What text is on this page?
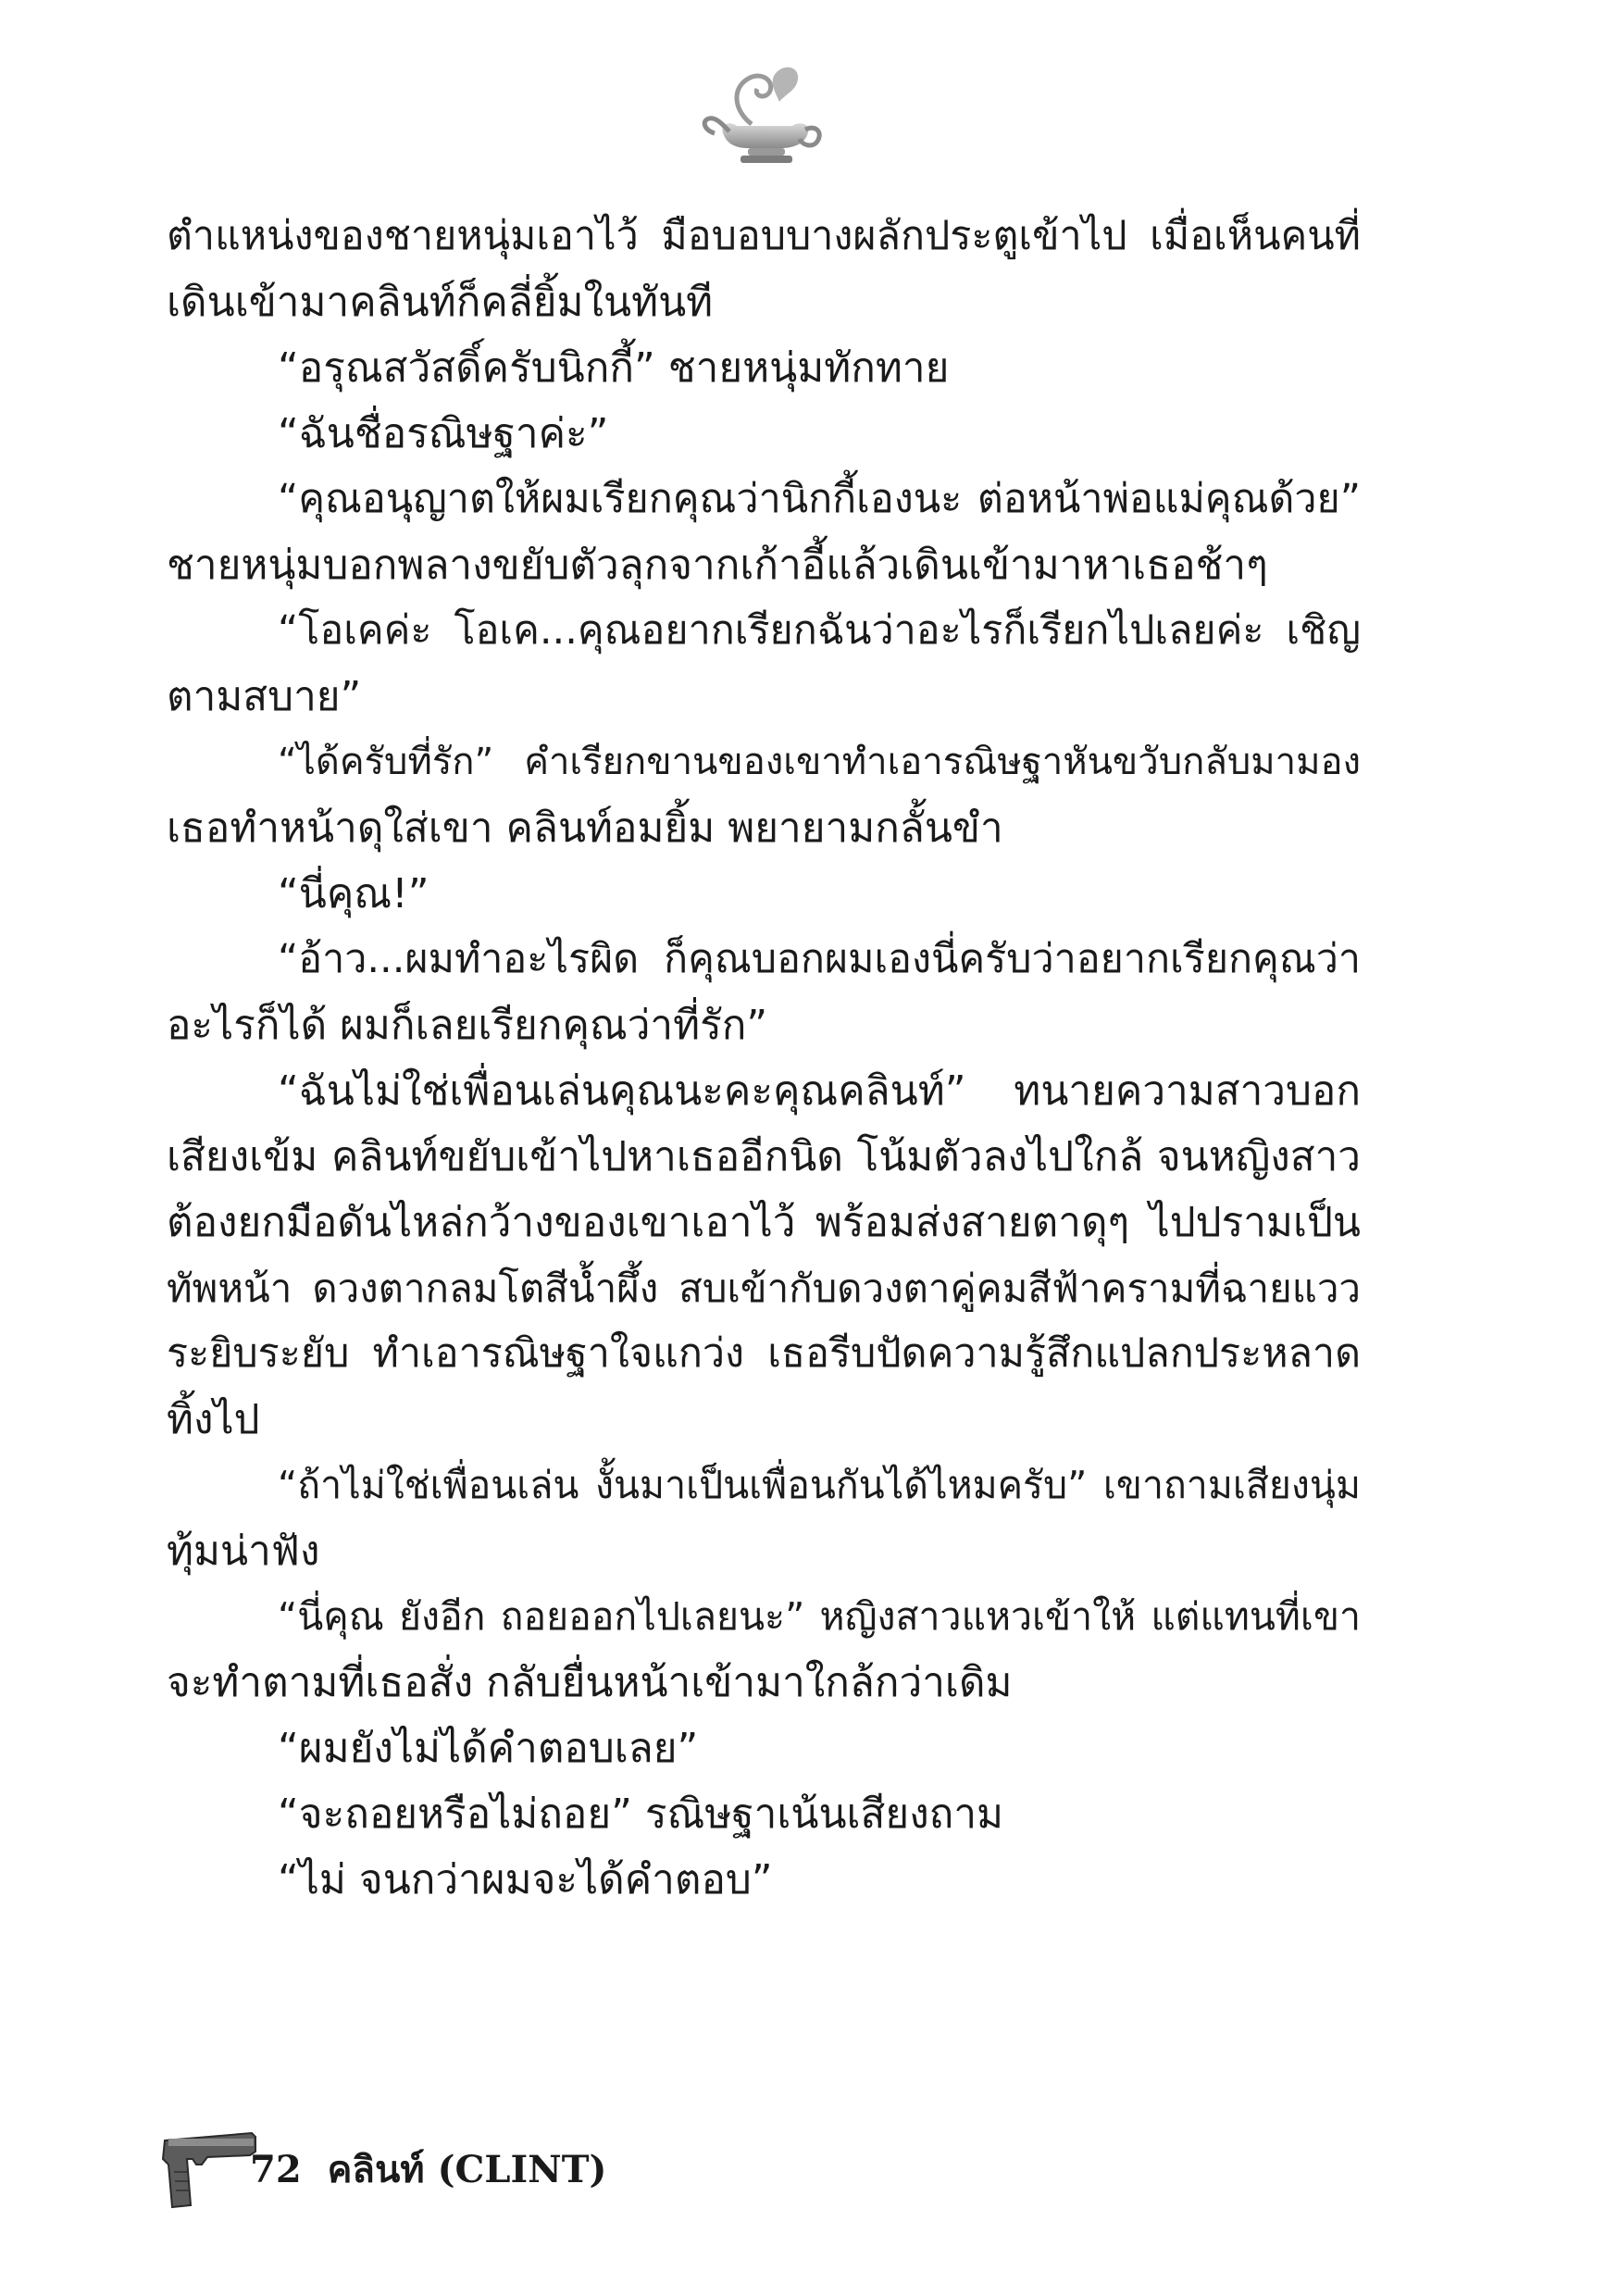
ตำแหน่งของชายหนุ่มเอาไว้ มือบอบบางผลักประตูเข้าไป เมื่อเห็นคนที่
เดินเข้ามาคลินท์ก็คลี่ยิ้มในทันที
“อรุณสวัสดิ์ครับนิกกี้” ชายหนุ่มทักทาย
“ฉันชื่อรณิษฐาค่ะ”
“คุณอนุญาตให้ผมเรียกคุณว่านิกกี้เองนะ ต่อหน้าพ่อแม่คุณด้วย”
ชายหนุ่มบอกพลางขยับตัวลุกจากเก้าอี้แล้วเดินเข้ามาหาเธอช้าๆ
“โอเคค่ะ โอเค...คุณอยากเรียกฉันว่าอะไรก็เรียกไปเลยค่ะ เชิญ
ตามสบาย”
“ได้ครับที่รัก” คำเรียกขานของเขาทำเอารณิษฐาหันขวับกลับมามอง
เธอทำหน้าดุใส่เขา คลินท์อมยิ้ม พยายามกลั้นขำ
“นี่คุณ!”
“อ้าว...ผมทำอะไรผิด ก็คุณบอกผมเองนี่ครับว่าอยากเรียกคุณว่า
อะไรก็ได้ ผมก็เลยเรียกคุณว่าที่รัก”
“ฉันไม่ใช่เพื่อนเล่นคุณนะคะคุณคลินท์” ทนายความสาวบอก
เสียงเข้ม คลินท์ขยับเข้าไปหาเธออีกนิด โน้มตัวลงไปใกล้ จนหญิงสาว
ต้องยกมือดันไหล่กว้างของเขาเอาไว้ พร้อมส่งสายตาดุๆ ไปปรามเป็น
ทัพหน้า ดวงตากลมโตสีน้ำผึ้ง สบเข้ากับดวงตาคู่คมสีฟ้าครามที่ฉายแวว
ระยิบระยับ ทำเอารณิษฐาใจแกว่ง เธอรีบปัดความรู้สึกแปลกประหลาด
ทิ้งไป
“ถ้าไม่ใช่เพื่อนเล่น งั้นมาเป็นเพื่อนกันได้ไหมครับ” เขาถามเสียงนุ่ม
ทุ้มน่าฟัง
“นี่คุณ ยังอีก ถอยออกไปเลยนะ” หญิงสาวแหวเข้าให้ แต่แทนที่เขา
จะทำตามที่เธอสั่ง กลับยื่นหน้าเข้ามาใกล้กว่าเดิม
“ผมยังไม่ได้คำตอบเลย”
“จะถอยหรือไม่ถอย” รณิษฐาเน้นเสียงถาม
“ไม่ จนกว่าผมจะได้คำตอบ”
72 คลินท์ (CLINT)
